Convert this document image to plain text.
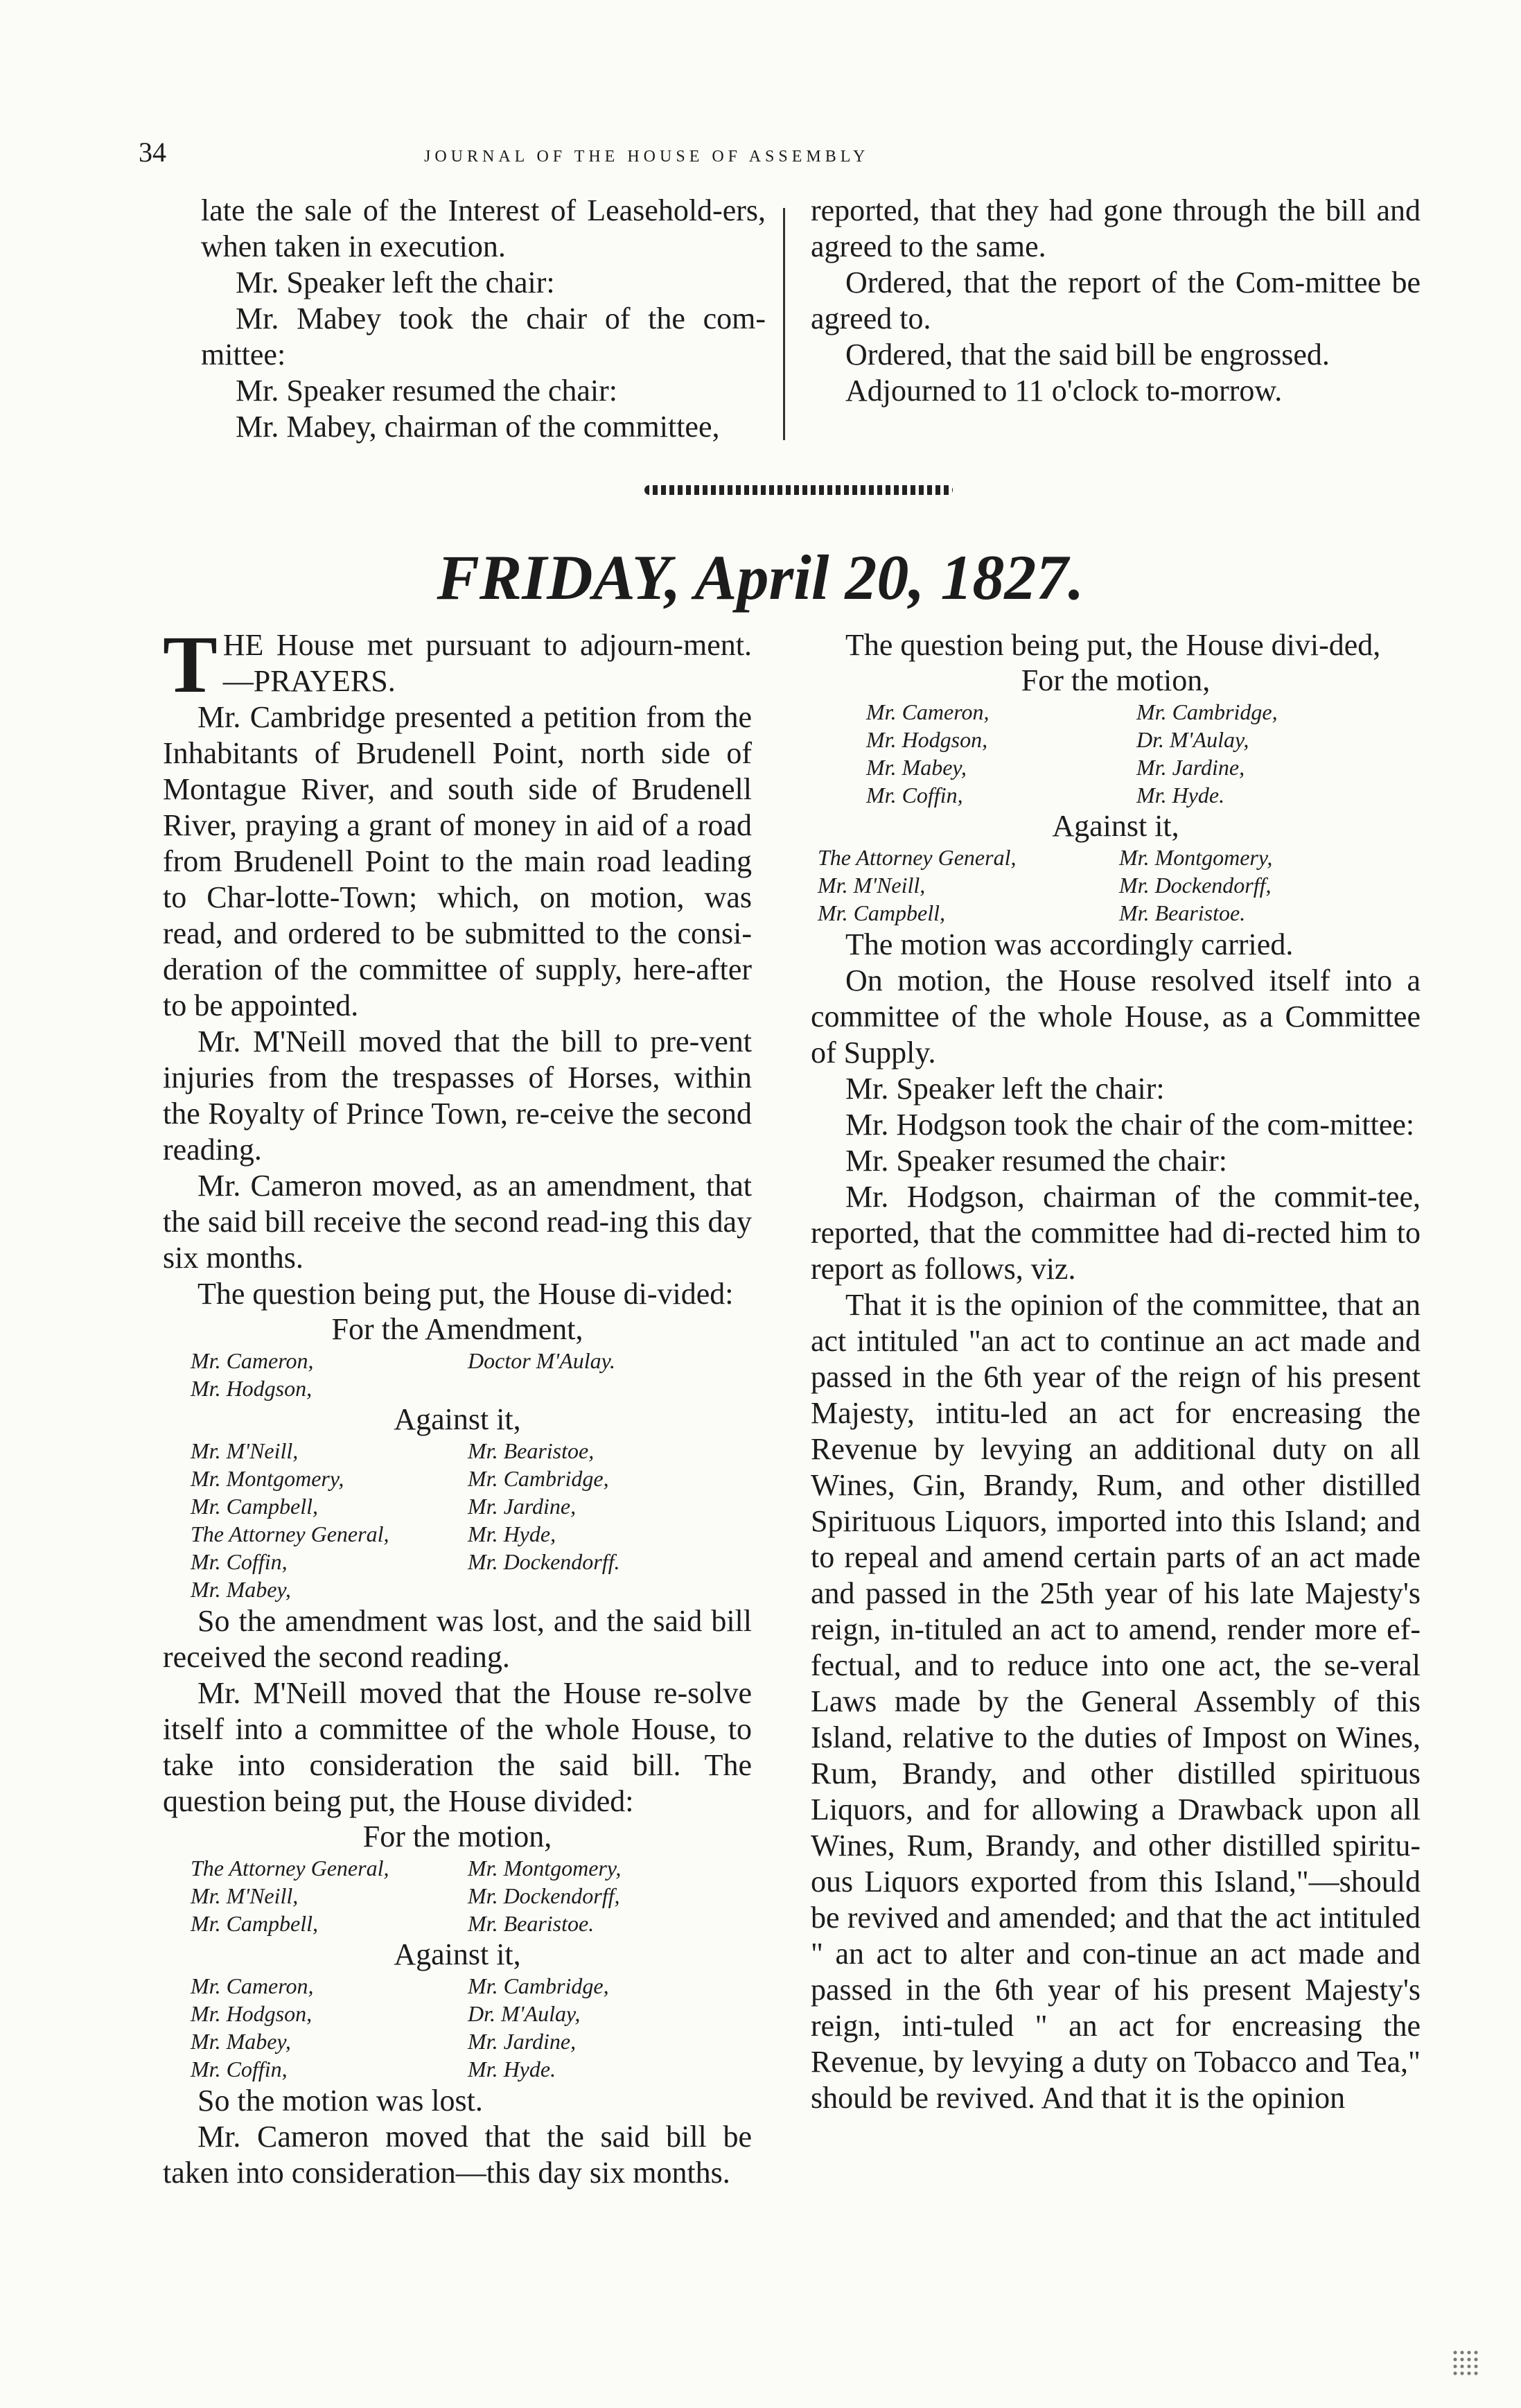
34	JOURNAL OF THE HOUSE OF ASSEMBLY

late the sale of the Interest of Leasehold-ers, when taken in execution.

Mr. Speaker left the chair:

Mr. Mabey took the chair of the com-mittee:

Mr. Speaker resumed the chair:

Mr. Mabey, chairman of the committee,

reported, that they had gone through the bill and agreed to the same.

Ordered, that the report of the Com-mittee be agreed to.

Ordered, that the said bill be engrossed.

Adjourned to 11 o'clock to-morrow.

FRIDAY, April 20, 1827.

THE House met pursuant to adjourn-ment.—PRAYERS.

Mr. Cambridge presented a petition from the Inhabitants of Brudenell Point, north side of Montague River, and south side of Brudenell River, praying a grant of money in aid of a road from Brudenell Point to the main road leading to Char-lotte-Town; which, on motion, was read, and ordered to be submitted to the consi-deration of the committee of supply, here-after to be appointed.

Mr. M'Neill moved that the bill to pre-vent injuries from the trespasses of Horses, within the Royalty of Prince Town, re-ceive the second reading.

Mr. Cameron moved, as an amendment, that the said bill receive the second read-ing this day six months.

The question being put, the House di-vided:

For the Amendment,
Mr. Cameron,	Doctor M'Aulay.
Mr. Hodgson,
Against it,
Mr. M'Neill,	Mr. Bearistoe,
Mr. Montgomery,	Mr. Cambridge,
Mr. Campbell,	Mr. Jardine,
The Attorney General,	Mr. Hyde,
Mr. Coffin,	Mr. Dockendorff.
Mr. Mabey,

So the amendment was lost, and the said bill received the second reading.

Mr. M'Neill moved that the House re-solve itself into a committee of the whole House, to take into consideration the said bill. The question being put, the House divided:

For the motion,
The Attorney General,	Mr. Montgomery,
Mr. M'Neill,	Mr. Dockendorff,
Mr. Campbell,	Mr. Bearistoe.
Against it,
Mr. Cameron,	Mr. Cambridge,
Mr. Hodgson,	Dr. M'Aulay,
Mr. Mabey,	Mr. Jardine,
Mr. Coffin,	Mr. Hyde.

So the motion was lost.

Mr. Cameron moved that the said bill be taken into consideration—this day six months.

The question being put, the House divi-ded,

For the motion,
Mr. Cameron,	Mr. Cambridge,
Mr. Hodgson,	Dr. M'Aulay,
Mr. Mabey,	Mr. Jardine,
Mr. Coffin,	Mr. Hyde.
Against it,
The Attorney General,	Mr. Montgomery,
Mr. M'Neill,	Mr. Dockendorff,
Mr. Campbell,	Mr. Bearistoe.

The motion was accordingly carried.

On motion, the House resolved itself into a committee of the whole House, as a Committee of Supply.

Mr. Speaker left the chair:

Mr. Hodgson took the chair of the com-mittee:

Mr. Speaker resumed the chair:

Mr. Hodgson, chairman of the commit-tee, reported, that the committee had di-rected him to report as follows, viz.

That it is the opinion of the committee, that an act intituled "an act to continue an act made and passed in the 6th year of the reign of his present Majesty, intitu-led an act for encreasing the Revenue by levying an additional duty on all Wines, Gin, Brandy, Rum, and other distilled Spirituous Liquors, imported into this Island; and to repeal and amend certain parts of an act made and passed in the 25th year of his late Majesty's reign, in-tituled an act to amend, render more ef-fectual, and to reduce into one act, the se-veral Laws made by the General Assembly of this Island, relative to the duties of Impost on Wines, Rum, Brandy, and other distilled spirituous Liquors, and for allowing a Drawback upon all Wines, Rum, Brandy, and other distilled spiritu-ous Liquors exported from this Island,"—should be revived and amended; and that the act intituled " an act to alter and con-tinue an act made and passed in the 6th year of his present Majesty's reign, inti-tuled " an act for encreasing the Revenue, by levying a duty on Tobacco and Tea," should be revived. And that it is the opinion
